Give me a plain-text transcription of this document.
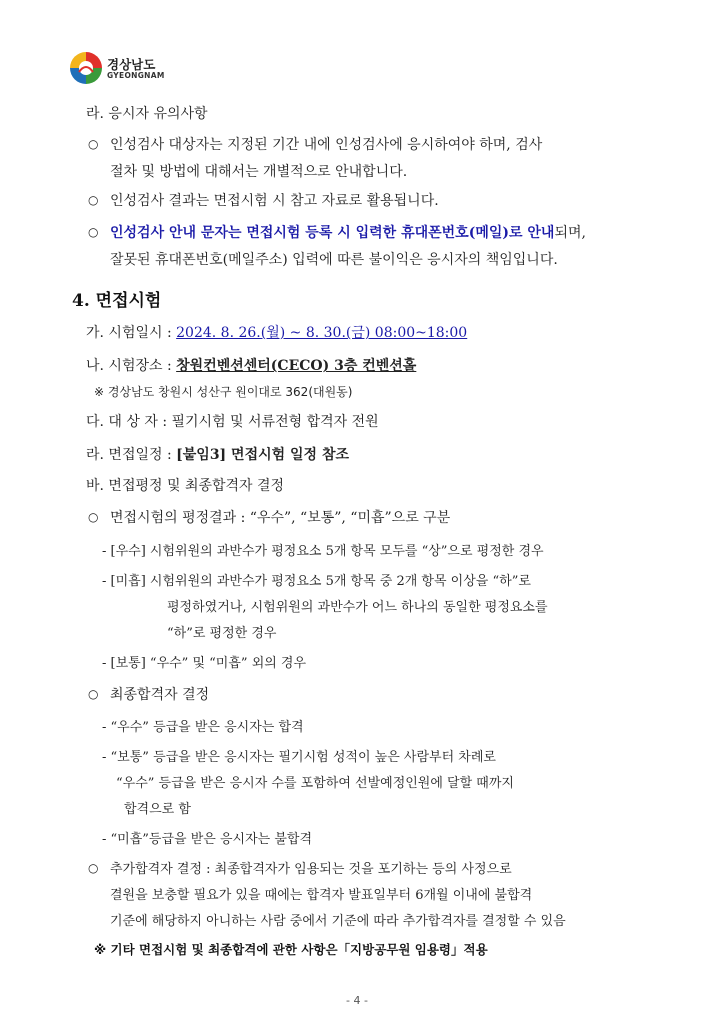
경상남도
GYEONGNAM
라. 응시자 유의사항
○ 인성검사 대상자는 지정된 기간 내에 인성검사에 응시하여야 하며, 검사
절차 및 방법에 대해서는 개별적으로 안내합니다.
○ 인성검사 결과는 면접시험 시 참고 자료로 활용됩니다.
○ 인성검사 안내 문자는 면접시험 등록 시 입력한 휴대폰번호(메일)로 안내되며,
잘못된 휴대폰번호(메일주소) 입력에 따른 불이익은 응시자의 책임입니다.
4. 면접시험
가. 시험일시 : 2024. 8. 26.(월) ~ 8. 30.(금) 08:00~18:00
나. 시험장소 : 창원컨벤션센터(CECO) 3층 컨벤션홀
※ 경상남도 창원시 성산구 원이대로 362(대원동)
다. 대 상 자 : 필기시험 및 서류전형 합격자 전원
라. 면접일정 : [붙임3] 면접시험 일정 참조
바. 면접평정 및 최종합격자 결정
○ 면접시험의 평정결과 : “우수”, “보통”, “미흡”으로 구분
- [우수] 시험위원의 과반수가 평정요소 5개 항목 모두를 “상”으로 평정한 경우
- [미흡] 시험위원의 과반수가 평정요소 5개 항목 중 2개 항목 이상을 “하”로
평정하였거나, 시험위원의 과반수가 어느 하나의 동일한 평정요소를
“하”로 평정한 경우
- [보통] “우수” 및 “미흡” 외의 경우
○ 최종합격자 결정
- “우수” 등급을 받은 응시자는 합격
- “보통” 등급을 받은 응시자는 필기시험 성적이 높은 사람부터 차례로
“우수” 등급을 받은 응시자 수를 포함하여 선발예정인원에 달할 때까지
합격으로 함
- “미흡”등급을 받은 응시자는 불합격
○ 추가합격자 결정 : 최종합격자가 임용되는 것을 포기하는 등의 사정으로
결원을 보충할 필요가 있을 때에는 합격자 발표일부터 6개월 이내에 불합격
기준에 해당하지 아니하는 사람 중에서 기준에 따라 추가합격자를 결정할 수 있음
※ 기타 면접시험 및 최종합격에 관한 사항은「지방공무원 임용령」적용
- 4 -
